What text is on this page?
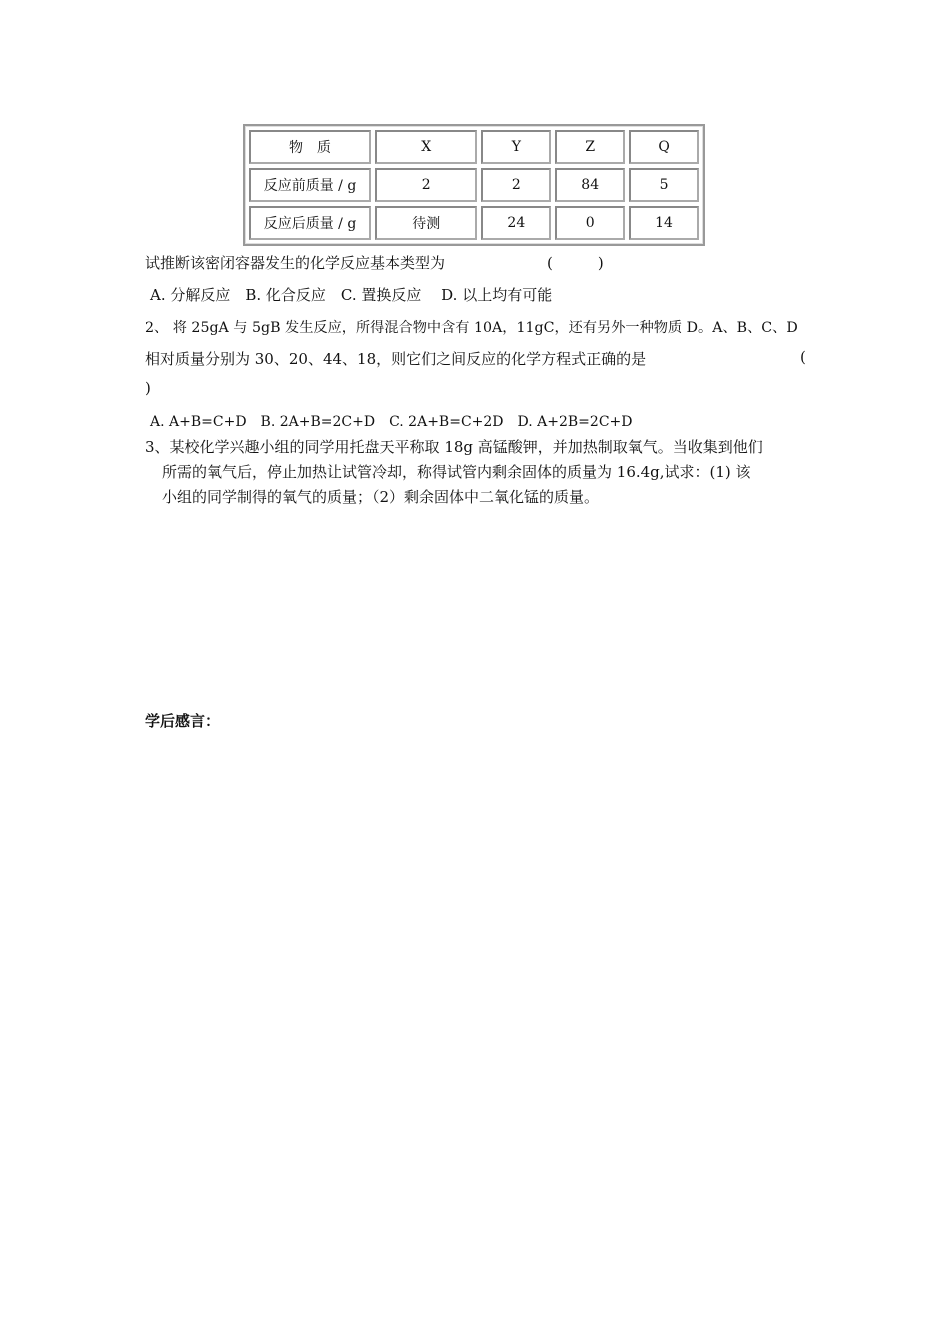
物　质	X	Y	Z	Q
反应前质量 / g	2	2	84	5
反应后质量 / g	待测	24	0	14
试推断该密闭容器发生的化学反应基本类型为	(　　　)
A. 分解反应　B. 化合反应　C. 置换反应　 D. 以上均有可能
2、 将 25gA 与 5gB 发生反应，所得混合物中含有 10A，11gC，还有另外一种物质 D。A、B、C、D
相对质量分别为 30、20、44、18，则它们之间反应的化学方程式正确的是	(
)
A. A+B=C+D　B. 2A+B=2C+D　C. 2A+B=C+2D　D. A+2B=2C+D
3、某校化学兴趣小组的同学用托盘天平称取 18g 高锰酸钾，并加热制取氧气。当收集到他们
所需的氧气后，停止加热让试管冷却，称得试管内剩余固体的质量为 16.4g,试求：(1) 该
小组的同学制得的氧气的质量；（2）剩余固体中二氧化锰的质量。
学后感言：
